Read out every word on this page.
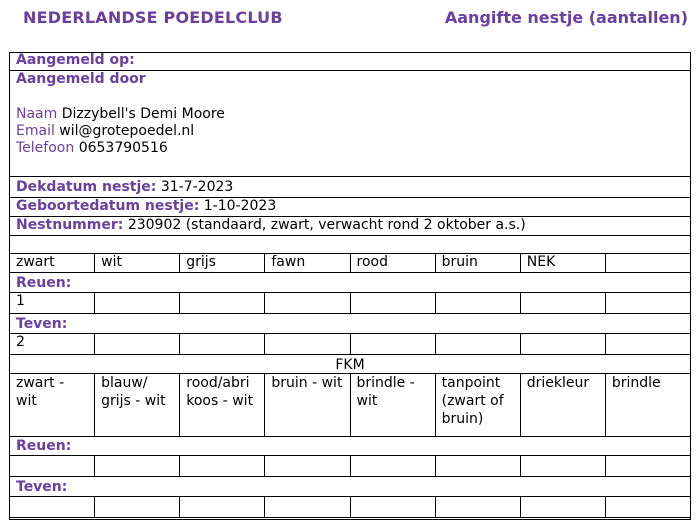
NEDERLANDSE POEDELCLUB	Aangifte nestje (aantallen)
Aangemeld op:
Aangemeld door
Naam Dizzybell's Demi Moore
Email wil@grotepoedel.nl
Telefoon 0653790516
Dekdatum nestje: 31-7-2023
Geboortedatum nestje: 1-10-2023
Nestnummer: 230902 (standaard, zwart, verwacht rond 2 oktober a.s.)
zwart	wit	grijs	fawn	rood	bruin	NEK	
Reuen:
1							
Teven:
2							
FKM
zwart - wit	blauw/ grijs - wit	rood/abri koos - wit	bruin - wit	brindle - wit	tanpoint (zwart of bruin)	driekleur	brindle
Reuen:

Teven:
